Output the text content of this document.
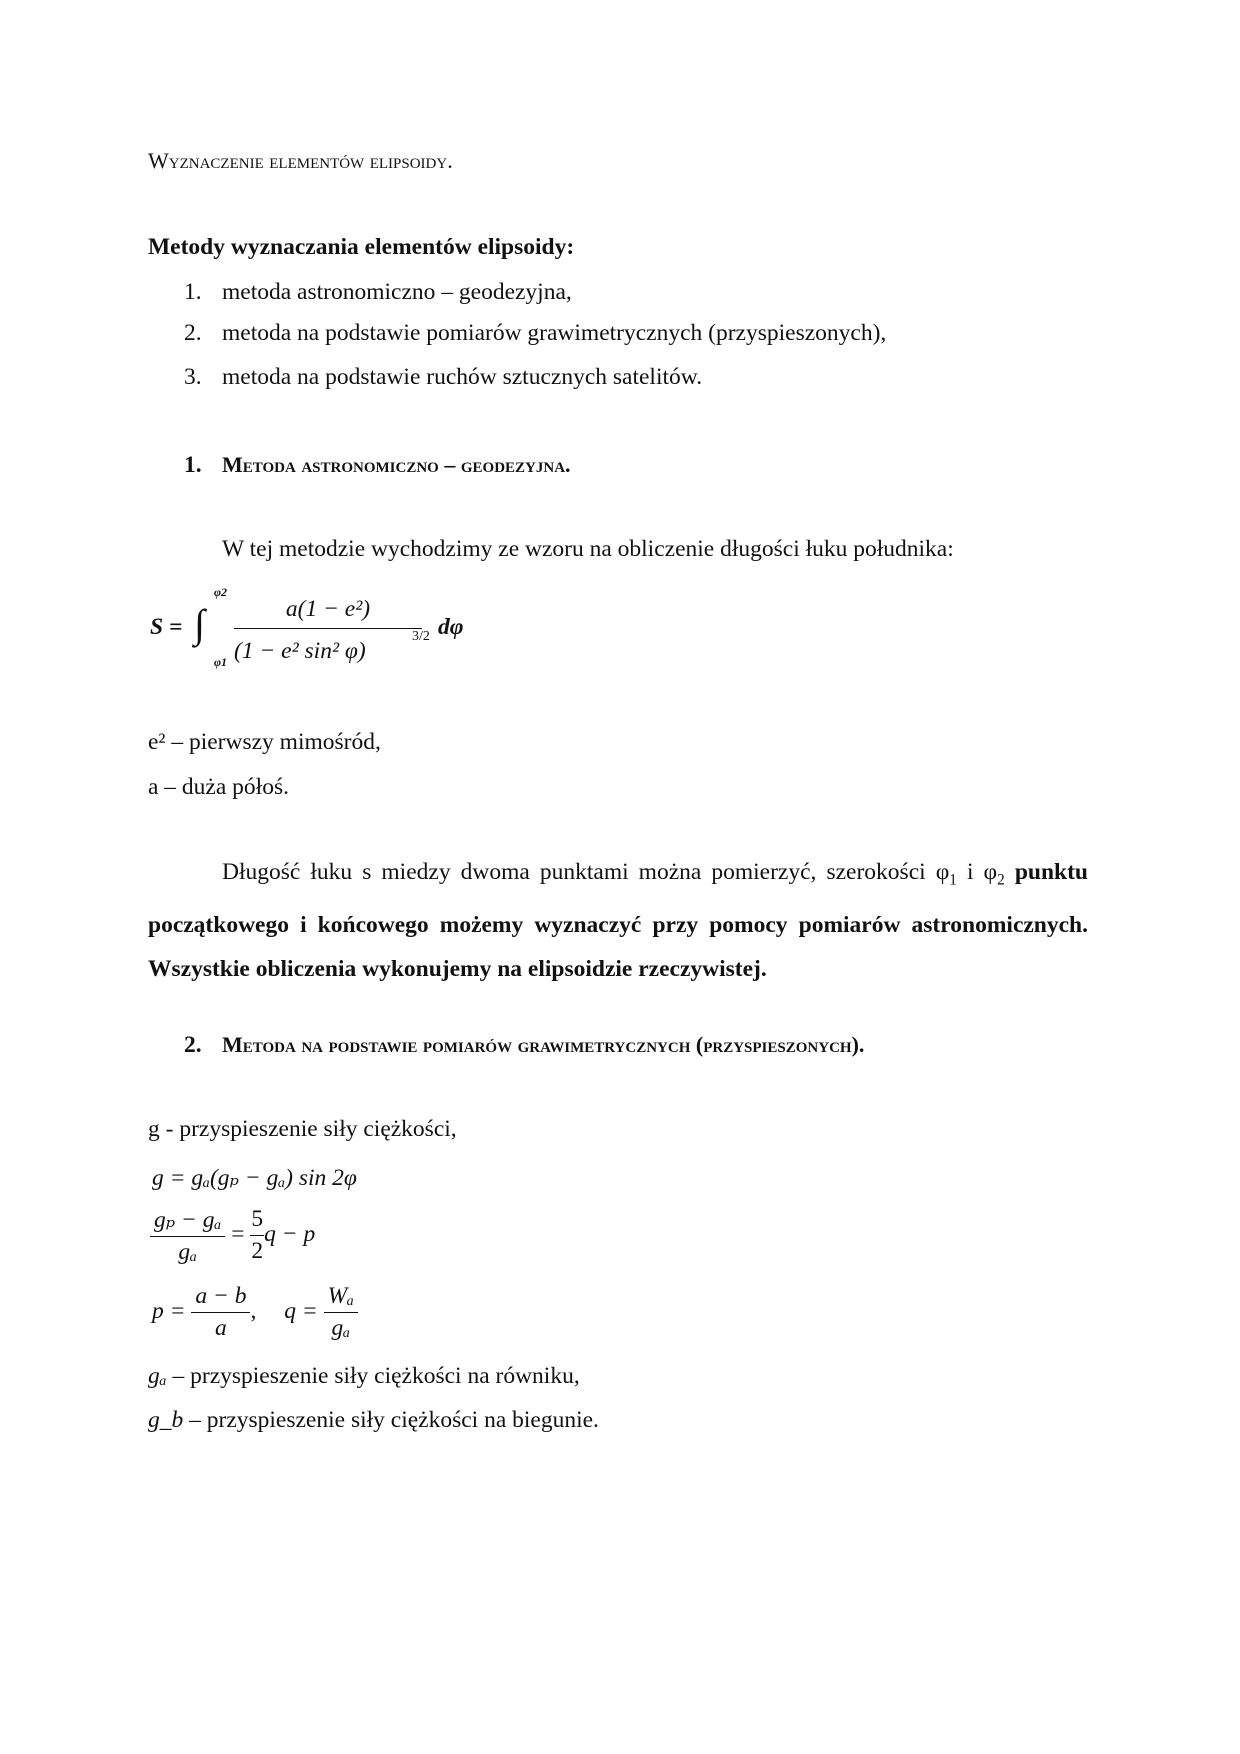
Wyznaczenie elementów elipsoidy.
Metody wyznaczania elementów elipsoidy:
1. metoda astronomiczno – geodezyjna,
2. metoda na podstawie pomiarów grawimetrycznych (przyspieszonych),
3. metoda na podstawie ruchów sztucznych satelitów.
1. Metoda astronomiczno – geodezyjna.
W tej metodzie wychodzimy ze wzoru na obliczenie długości łuku południka:
S = ∫
φ2
φ1
a(1 − e²)
(1 − e² sin² φ)
3/2 dφ
e² – pierwszy mimośród,
a – duża półoś.
Długość łuku s miedzy dwoma punktami można pomierzyć, szerokości $\varphi_1$ i $\varphi_2$ punktu początkowego i końcowego możemy wyznaczyć przy pomocy pomiarów astronomicznych. Wszystkie obliczenia wykonujemy na elipsoidzie rzeczywistej.
2. Metoda na podstawie pomiarów grawimetrycznych (przyspieszonych).
g - przyspieszenie siły ciężkości,
g = gₐ(gₚ − gₐ) sin 2φ
$\frac{\text{gₚ − gₐ}}{\text{gₐ}} = \frac{5}{2}$ q − p
$p = \frac{a - b}{a}$ , $q = \frac{\text{Wₐ}}{\text{gₐ}}$
gₐ – przyspieszenie siły ciężkości na równiku,
g_b – przyspieszenie siły ciężkości na biegunie.
